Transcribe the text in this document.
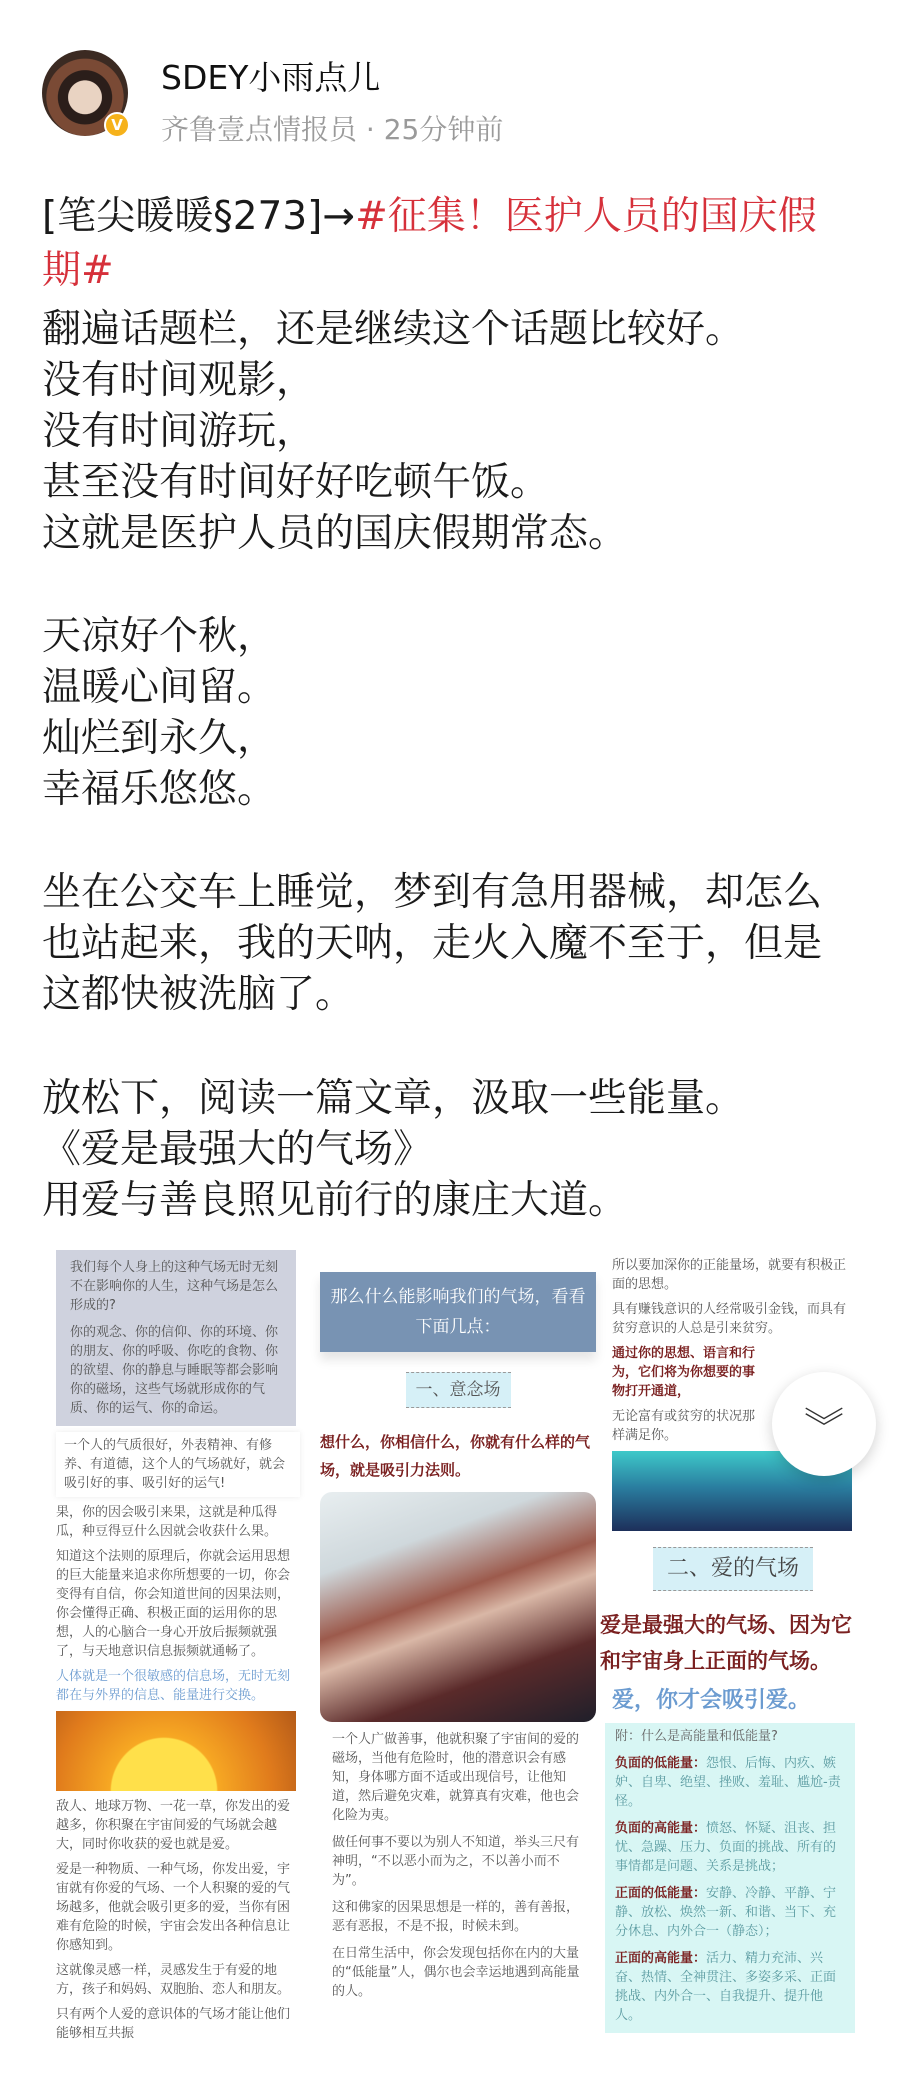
V
SDEY小雨点儿
齐鲁壹点情报员 · 25分钟前
[笔尖暖暖§273]→#征集！医护人员的国庆假
期#
翻遍话题栏，还是继续这个话题比较好。
没有时间观影，
没有时间游玩，
甚至没有时间好好吃顿午饭。
这就是医护人员的国庆假期常态。
天凉好个秋，
温暖心间留。
灿烂到永久，
幸福乐悠悠。
坐在公交车上睡觉，梦到有急用器械，却怎么
也站起来，我的天呐，走火入魔不至于，但是
这都快被洗脑了。
放松下，阅读一篇文章，汲取一些能量。
《爱是最强大的气场》
用爱与善良照见前行的康庄大道。

我们每个人身上的这种气场无时无刻不在影响你的人生，这种气场是怎么形成的?

你的观念、你的信仰、你的环境、你的朋友、你的呼吸、你吃的食物、你的欲望、你的静息与睡眠等都会影响你的磁场，这些气场就形成你的气质、你的运气、你的命运。

一个人的气质很好，外表精神、有修养、有道德，这个人的气场就好，就会吸引好的事、吸引好的运气!
果，你的因会吸引来果，这就是种瓜得瓜，种豆得豆什么因就会收获什么果。
知道这个法则的原理后，你就会运用思想的巨大能量来追求你所想要的一切，你会变得有自信，你会知道世间的因果法则，你会懂得正确、积极正面的运用你的思想，人的心脑合一身心开放后振频就强了，与天地意识信息振频就通畅了。
人体就是一个很敏感的信息场，无时无刻都在与外界的信息、能量进行交换。
敌人、地球万物、一花一草，你发出的爱越多，你积聚在宇宙间爱的气场就会越大，同时你收获的爱也就是爱。
爱是一种物质、一种气场，你发出爱，宇宙就有你爱的气场、一个人积聚的爱的气场越多，他就会吸引更多的爱，当你有困难有危险的时候，宇宙会发出各种信息让你感知到。
这就像灵感一样，灵感发生于有爱的地方，孩子和妈妈、双胞胎、恋人和朋友。
只有两个人爱的意识体的气场才能让他们能够相互共振
那么什么能影响我们的气场，看看下面几点：
一、意念场
想什么，你相信什么，你就有什么样的气场，就是吸引力法则。
一个人广做善事，他就积聚了宇宙间的爱的磁场，当他有危险时，他的潜意识会有感知，身体哪方面不适或出现信号，让他知道，然后避免灾难，就算真有灾难，他也会化险为夷。
做任何事不要以为别人不知道，举头三尺有神明，“不以恶小而为之，不以善小而不为”。
这和佛家的因果思想是一样的，善有善报，恶有恶报，不是不报，时候未到。
在日常生活中，你会发现包括你在内的大量的“低能量”人，偶尔也会幸运地遇到高能量的人。
所以要加深你的正能量场，就要有积极正面的思想。
具有赚钱意识的人经常吸引金钱，而具有贫穷意识的人总是引来贫穷。
通过你的思想、语言和行为，它们将为你想要的事物打开通道，
无论富有或贫穷的状况那样满足你。
二、爱的气场
爱是最强大的气场、因为它和宇宙身上正面的气场。
爱，你才会吸引爱。

附：什么是高能量和低能量?

负面的低能量：怨恨、后悔、内疚、嫉妒、自卑、绝望、挫败、羞耻、尴尬-责怪。

负面的高能量：愤怒、怀疑、沮丧、担忧、急躁、压力、负面的挑战、所有的事情都是问题、关系是挑战；

正面的低能量：安静、冷静、平静、宁静、放松、焕然一新、和谐、当下、充分休息、内外合一（静态）；

正面的高能量：活力、精力充沛、兴奋、热情、全神贯注、多姿多采、正面挑战、内外合一、自我提升、提升他人。

︾
